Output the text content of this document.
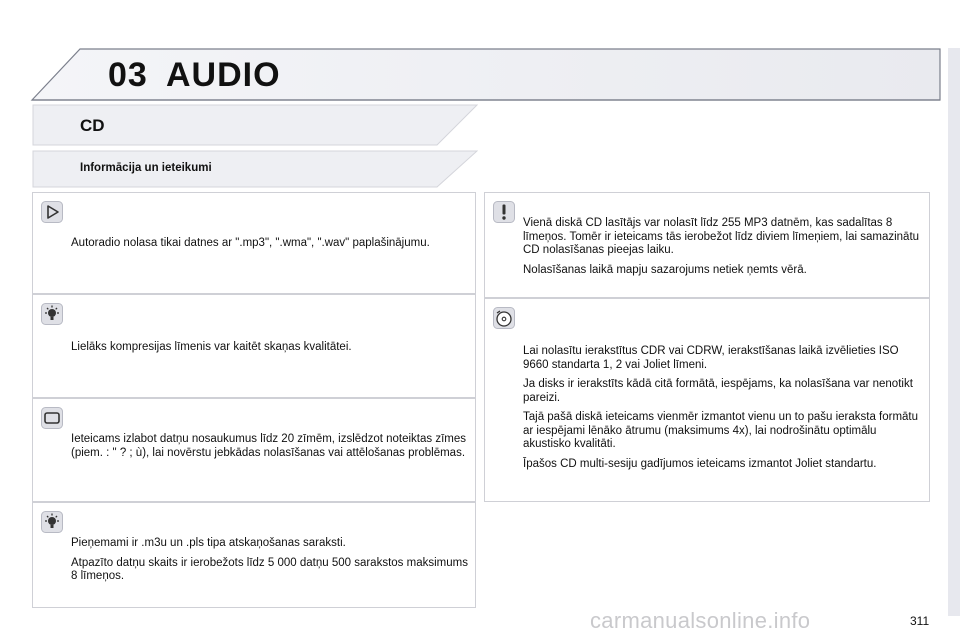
03 AUDIO
CD
Informācija un ieteikumi

Autoradio nolasa tikai datnes ar ".mp3", ".wma", ".wav" paplašinājumu.

Lielāks kompresijas līmenis var kaitēt skaņas kvalitātei.

Ieteicams izlabot datņu nosaukumus līdz 20 zīmēm, izslēdzot noteiktas zīmes (piem. : " ? ; ù), lai novērstu jebkādas nolasīšanas vai attēlošanas problēmas.

Pieņemami ir .m3u un .pls tipa atskaņošanas saraksti.

Atpazīto datņu skaits ir ierobežots līdz 5 000 datņu 500 sarakstos maksimums 8 līmeņos.

Vienā diskā CD lasītājs var nolasīt līdz 255 MP3 datnēm, kas sadalītas 8 līmeņos. Tomēr ir ieteicams tās ierobežot līdz diviem līmeņiem, lai samazinātu CD nolasīšanas pieejas laiku.

Nolasīšanas laikā mapju sazarojums netiek ņemts vērā.

Lai nolasītu ierakstītus CDR vai CDRW, ierakstīšanas laikā izvēlieties ISO 9660 standarta 1, 2 vai Joliet līmeni.

Ja disks ir ierakstīts kādā citā formātā, iespējams, ka nolasīšana var nenotikt pareizi.

Tajā pašā diskā ieteicams vienmēr izmantot vienu un to pašu ieraksta formātu ar iespējami lēnāko ātrumu (maksimums 4x), lai nodrošinātu optimālu akustisko kvalitāti.

Īpašos CD multi-sesiju gadījumos ieteicams izmantot Joliet standartu.

carmanualsonline.info	311
